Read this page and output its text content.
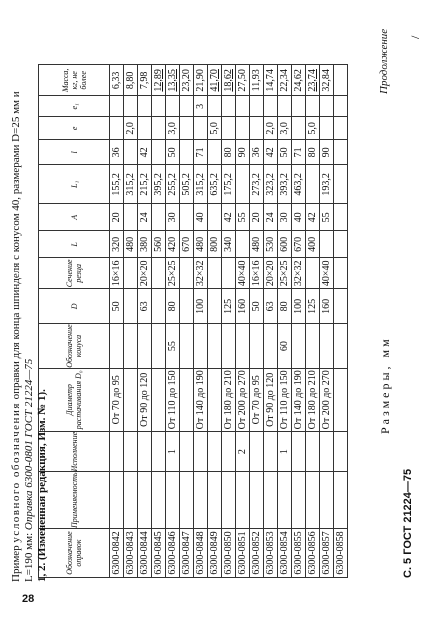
28
С. 5 ГОСТ 21224—75
Размеры, мм
Продолжение /
Обозначение оправок	Применяемость	Исполнение	Диаметр растачивания D₀	Обозначение конуса	D	Сечение резца	L	A	L₁	l	e	e₁	Масса, кг, не более
6300-0842			От 70 до 95		50	16×16	320	20	155,2	36			6,33
6300-0843							480		315,2		2,0		8,80
6300-0844			От 90 до 120		63	20×20	380	24	215,2	42			7,98
6300-0845							560		395,2				12,89
6300-0846		1	От 110 до 150	55	80	25×25	420	30	255,2	50	3,0		13,35
6300-0847							670		505,2				23,20
6300-0848			От 140 до 190		100	32×32	480	40	315,2	71		3	21,90
6300-0849							800		635,2		5,0		41,70
6300-0850			От 180 до 210		125		340	42	175,2	80			18,62
6300-0851		2	От 200 до 270		160	40×40		55		90			27,50
6300-0852			От 70 до 95		50	16×16	480	20	273,2	36			11,93
6300-0853			От 90 до 120		63	20×20	530	24	323,2	42	2,0		14,74
6300-0854		1	От 110 до 150	60	80	25×25	600	30	393,2	50	3,0		22,34
6300-0855			От 140 до 190		100	32×32	670	40	463,2	71			24,62
6300-0856			От 180 до 210		125		400	42		80	5,0		23,74
6300-0857			От 200 до 270		160	40×40		55	193,2	90			32,84
6300-0858													
Пример условного обозначения оправки для конца шпинделя с конусом 40, размерами D=25 мм и L=190 мм: Оправка 6300-0801 ГОСТ 21224—75
1, 2. (Измененная редакция, Изм. № 1).
